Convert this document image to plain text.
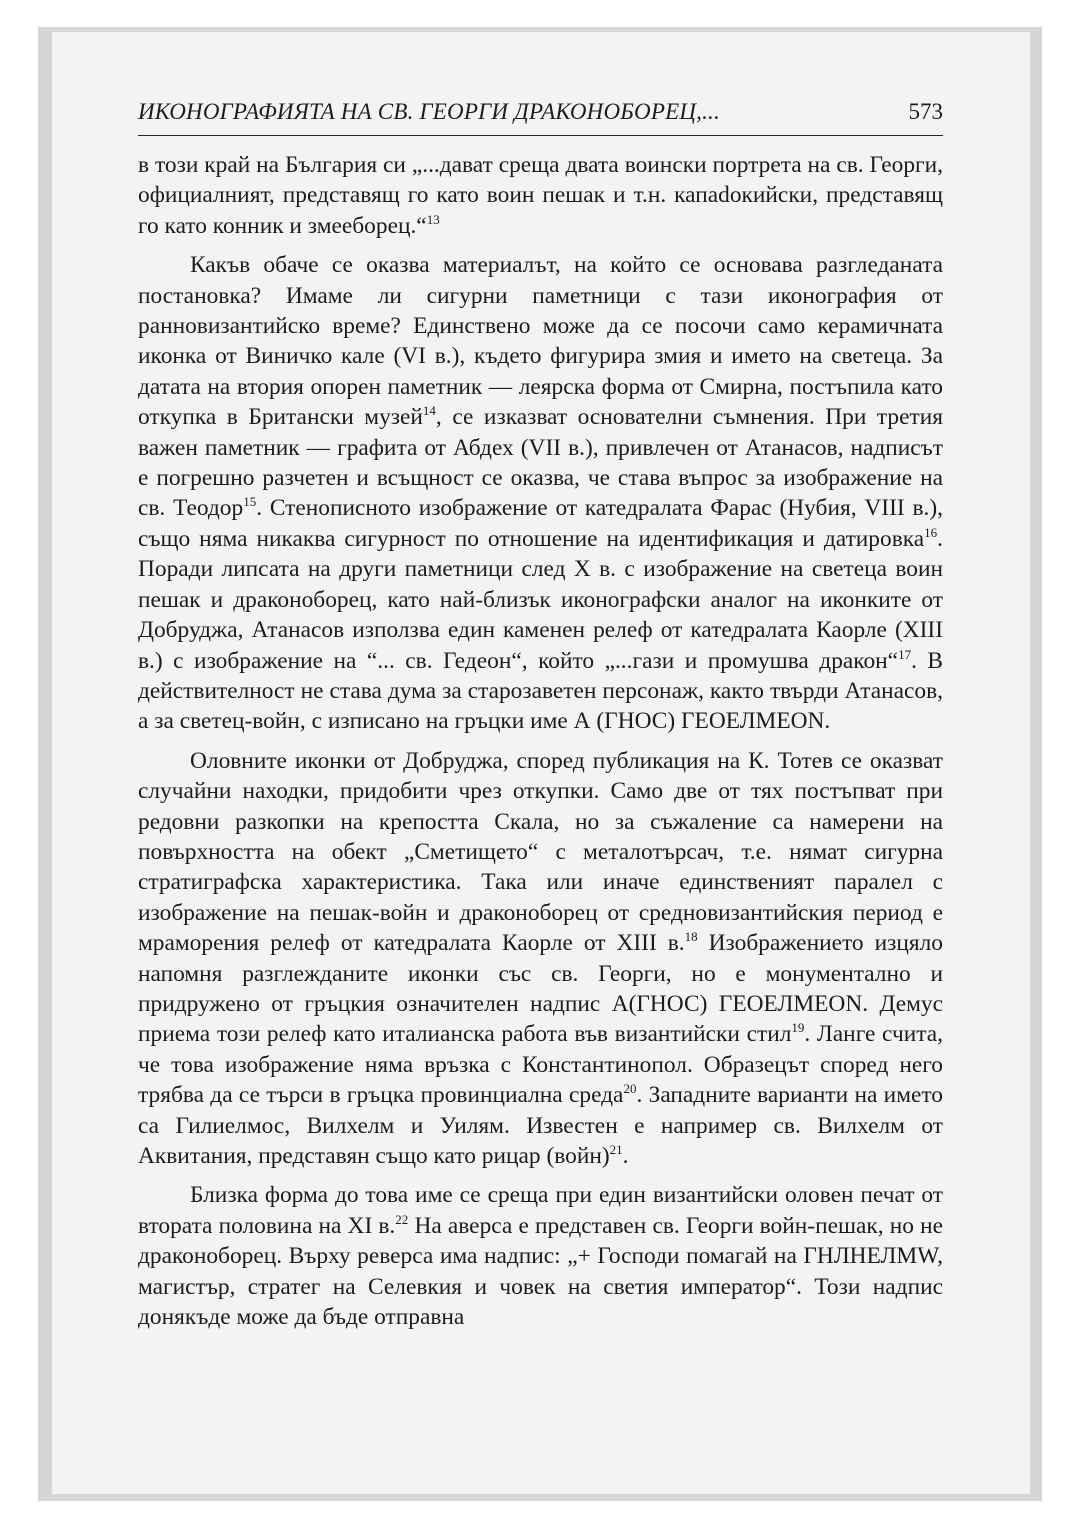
ИКОНОГРАФИЯТА НА СВ. ГЕОРГИ ДРАКОНОБОРЕЦ,...	573

в този край на България си „...дават среща двата воински портрета на св. Георги, официалният, представящ го като воин пешак и т.н. капаdокийски, представящ го като конник и змееборец.“$^{13}$

Какъв обаче се оказва материалът, на който се основава разгледаната постановка? Имаме ли сигурни паметници с тази иконография от ранновизантийско време? Единствено може да се посочи само керамичната иконка от Виничко кале (VI в.), където фигурира змия и името на светеца. За датата на втория опорен паметник — леярска форма от Смирна, постъпила като откупка в Британски музей$^{14}$, се изказват основателни съмнения. При третия важен паметник — графита от Абдех (VII в.), привлечен от Атанасов, надписът е погрешно разчетен и всъщност се оказва, че става въпрос за изображение на св. Теодор$^{15}$. Стенописното изображение от катедралата Фарас (Нубия, VIII в.), също няма никаква сигурност по отношение на идентификация и датировка$^{16}$. Поради липсата на други паметници след Х в. с изображение на светеца воин пешак и драконоборец, като най-близък иконографски аналог на иконките от Добруджа, Атанасов използва един каменен релеф от катедралата Каорле (XIII в.) с изображение на “... св. Гедеон“, който „...гази и промушва дракон“$^{17}$. В действителност не става дума за старозаветен персонаж, както твърди Атанасов, а за светец-войн, с изписано на гръцки име А (ГНОС) ГЕОЕЛМЕОN.

Оловните иконки от Добруджа, според публикация на К. Тотев се оказват случайни находки, придобити чрез откупки. Само две от тях постъпват при редовни разкопки на крепостта Скала, но за съжаление са намерени на повърхността на обект „Сметището“ с металотърсач, т.е. нямат сигурна стратиграфска характеристика. Така или иначе единственият паралел с изображение на пешак-войн и драконоборец от средновизантийския период е мраморения релеф от катедралата Каорле от XIII в.$^{18}$ Изображението изцяло напомня разглежданите иконки със св. Георги, но е монументално и придружено от гръцкия означителен надпис А(ГНОС) ГЕОЕЛМЕОN. Демус приема този релеф като италианска работа във византийски стил$^{19}$. Ланге счита, че това изображение няма връзка с Константинопол. Образецът според него трябва да се търси в гръцка провинциална среда$^{20}$. Западните варианти на името са Гилиелмос, Вилхелм и Уилям. Известен е например св. Вилхелм от Аквитания, представян също като рицар (войн)$^{21}$.

Близка форма до това име се среща при един византийски оловен печат от втората половина на XI в.$^{22}$ На аверса е представен св. Георги войн-пешак, но не драконоборец. Върху реверса има надпис: „+ Господи помагай на ГНЛНЕЛМW, магистър, стратег на Селевкия и човек на светия император“. Този надпис донякъде може да бъде отправна
